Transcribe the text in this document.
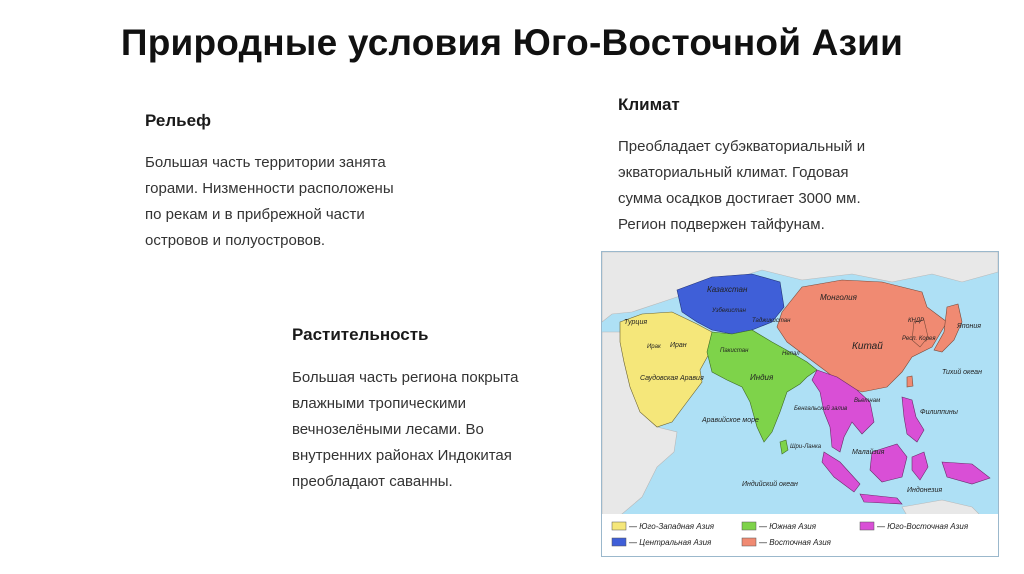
Природные условия Юго-Восточной Азии
Рельеф
Большая часть территории занята
горами. Низменности расположены
по рекам и в прибрежной части
островов и полуостровов.
Климат
Преобладает субэкваториальный и
экваториальный климат. Годовая
сумма осадков достигает 3000 мм.
Регион подвержен тайфунам.
Растительность
Большая часть региона покрыта
влажными тропическими
вечнозелёными лесами. Во
внутренних районах Индокитая
преобладают саванны.
Казахстан
Монголия
Китай
Япония
КНДР
Респ. Корея
Тихий океан
Филиппины
Индонезия
Индия
Иран
Турция
Саудовская Аравия
Пакистан
Аравийское море
Бенгальский залив
Индийский океан
Вьетнам
Малайзия
Непал
Таджикистан
Узбекистан
Ирак
Шри-Ланка
— Юго-Западная Азия
— Центральная Азия
— Южная Азия
— Восточная Азия
— Юго-Восточная Азия
